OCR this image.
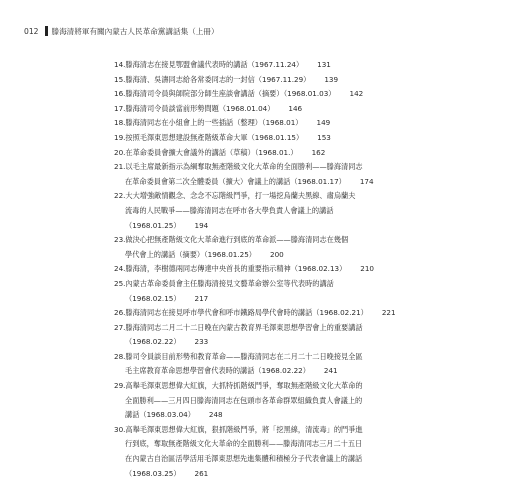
012 滕海清將軍有關內蒙古人民革命黨講話集（上冊）
14.滕海清志在接見鄂盟會議代表時的講話（1967.11.24） 131
15.滕海清、吳濤同志給各常委同志的一封信（1967.11.29） 139
16.滕海清司令員與師院部分師生座談會講話（摘要）（1968.01.03） 142
17.滕海清司令員談當前形勢問題（1968.01.04） 146
18.滕海清同志在小組會上的一些插話（整理）（1968.01） 149
19.按照毛澤東思想建設無產階級革命大軍（1968.01.15） 153
20.在革命委員會擴大會議外的講話（草稿）（1968.01.） 162
21.以毛主席最新指示為綱奪取無產階級文化大革命的全面勝利——滕海清同志
在革命委員會第二次全體委員（擴大）會議上的講話（1968.01.17） 174
22.大大增強敵情觀念、念念不忘階級鬥爭，打一場挖烏蘭夫黑線、肅烏蘭夫
流毒的人民戰爭——滕海清同志在呼市各大學負責人會議上的講話
（1968.01.25） 194
23.做決心把無產階級文化大革命進行到底的革命派——滕海清同志在幾個
學代會上的講話（摘要）（1968.01.25） 200
24.滕海清，李樹德兩同志傳達中央首長的重要指示精神（1968.02.13） 210
25.內蒙古革命委員會主任滕海清接見文藝革命辦公室等代表時的講話
（1968.02.15） 217
26.滕海清同志在接見呼市學代會和呼市鐵路局學代會時的講話（1968.02.21） 221
27.滕海清同志二月二十二日晚在內蒙古教育界毛澤東思想學習會上的重要講話
（1968.02.22） 233
28.滕司令員談目前形勢和教育革命——滕海清同志在二月二十二日晚接見全區
毛主席教育革命思想學習會代表時的講話（1968.02.22） 241
29.高舉毛澤東思想偉大紅旗，大抓特抓階級鬥爭，奪取無產階級文化大革命的
全面勝利——三月四日滕海清同志在包頭市各革命群眾組織負責人會議上的
講話（1968.03.04） 248
30.高舉毛澤東思想偉大紅旗，狠抓階級鬥爭，將「挖黑線，清流毒」的鬥爭進
行到底，奪取無產階級文化大革命的全面勝利——滕海清同志三月二十五日
在內蒙古自治區活學活用毛澤東思想先進集體和積極分子代表會議上的講話
（1968.03.25） 261
